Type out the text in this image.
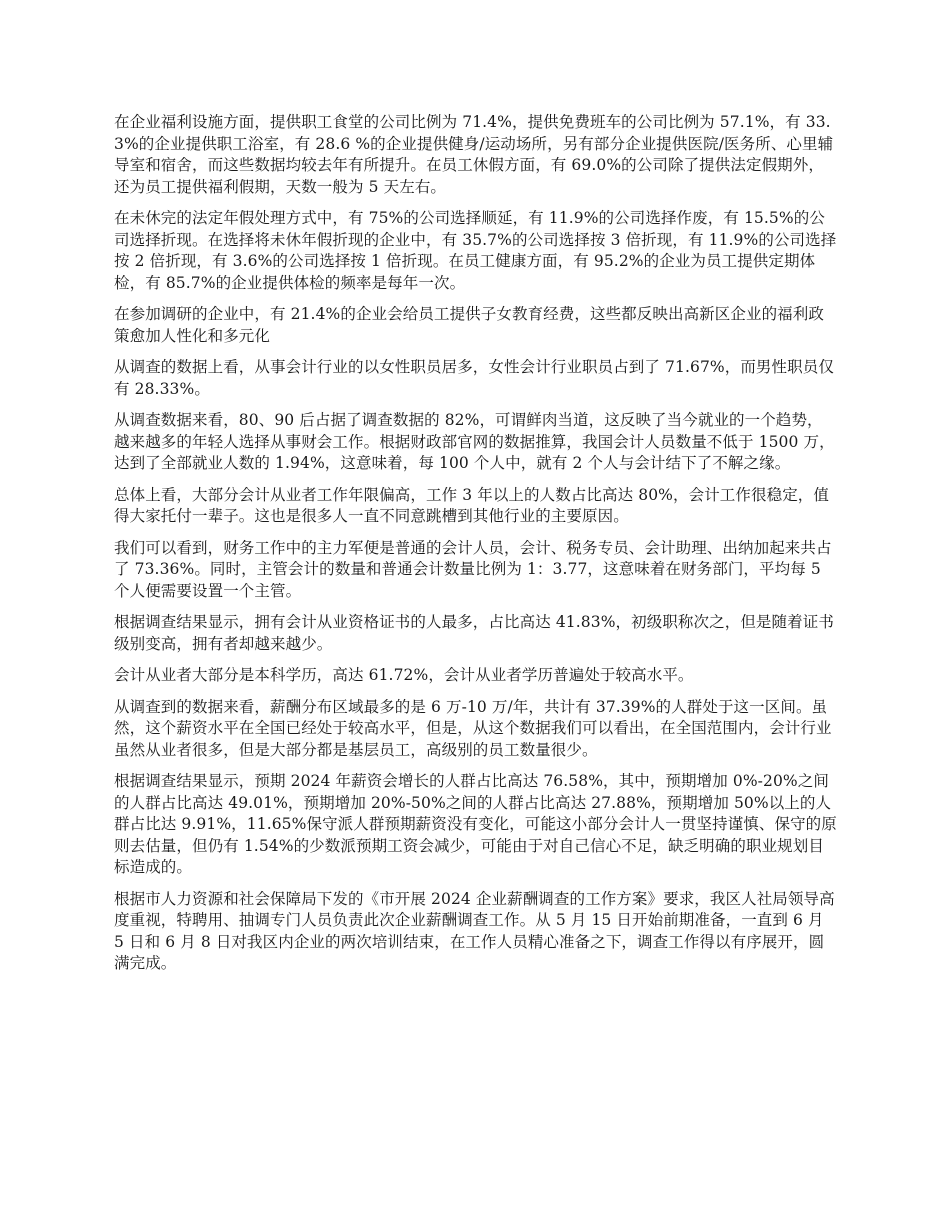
在企业福利设施方面，提供职工食堂的公司比例为 71.4%，提供免费班车的公司比例为 57.1%，有 33.3%的企业提供职工浴室，有 28.6 %的企业提供健身/运动场所，另有部分企业提供医院/医务所、心里辅导室和宿舍，而这些数据均较去年有所提升。在员工休假方面，有 69.0%的公司除了提供法定假期外，还为员工提供福利假期，天数一般为 5 天左右。

在未休完的法定年假处理方式中，有 75%的公司选择顺延，有 11.9%的公司选择作废，有 15.5%的公司选择折现。在选择将未休年假折现的企业中，有 35.7%的公司选择按 3 倍折现，有 11.9%的公司选择按 2 倍折现，有 3.6%的公司选择按 1 倍折现。在员工健康方面，有 95.2%的企业为员工提供定期体检，有 85.7%的企业提供体检的频率是每年一次。

在参加调研的企业中，有 21.4%的企业会给员工提供子女教育经费，这些都反映出高新区企业的福利政策愈加人性化和多元化

从调查的数据上看，从事会计行业的以女性职员居多，女性会计行业职员占到了 71.67%，而男性职员仅有 28.33%。

从调查数据来看，80、90 后占据了调查数据的 82%，可谓鲜肉当道，这反映了当今就业的一个趋势，越来越多的年轻人选择从事财会工作。根据财政部官网的数据推算，我国会计人员数量不低于 1500 万，达到了全部就业人数的 1.94%，这意味着，每 100 个人中，就有 2 个人与会计结下了不解之缘。

总体上看，大部分会计从业者工作年限偏高，工作 3 年以上的人数占比高达 80%，会计工作很稳定，值得大家托付一辈子。这也是很多人一直不同意跳槽到其他行业的主要原因。

我们可以看到，财务工作中的主力军便是普通的会计人员，会计、税务专员、会计助理、出纳加起来共占了 73.36%。同时，主管会计的数量和普通会计数量比例为 1：3.77，这意味着在财务部门，平均每 5 个人便需要设置一个主管。

根据调查结果显示，拥有会计从业资格证书的人最多，占比高达 41.83%，初级职称次之，但是随着证书级别变高，拥有者却越来越少。

会计从业者大部分是本科学历，高达 61.72%，会计从业者学历普遍处于较高水平。

从调查到的数据来看，薪酬分布区域最多的是 6 万-10 万/年，共计有 37.39%的人群处于这一区间。虽然，这个薪资水平在全国已经处于较高水平，但是，从这个数据我们可以看出，在全国范围内，会计行业虽然从业者很多，但是大部分都是基层员工，高级别的员工数量很少。

根据调查结果显示，预期 2024 年薪资会增长的人群占比高达 76.58%，其中，预期增加 0%-20%之间的人群占比高达 49.01%，预期增加 20%-50%之间的人群占比高达 27.88%，预期增加 50%以上的人群占比达 9.91%，11.65%保守派人群预期薪资没有变化，可能这小部分会计人一贯坚持谨慎、保守的原则去估量，但仍有 1.54%的少数派预期工资会减少，可能由于对自己信心不足，缺乏明确的职业规划目标造成的。

根据市人力资源和社会保障局下发的《市开展 2024 企业薪酬调查的工作方案》要求，我区人社局领导高度重视，特聘用、抽调专门人员负责此次企业薪酬调查工作。从 5 月 15 日开始前期准备，一直到 6 月 5 日和 6 月 8 日对我区内企业的两次培训结束，在工作人员精心准备之下，调查工作得以有序展开，圆满完成。
